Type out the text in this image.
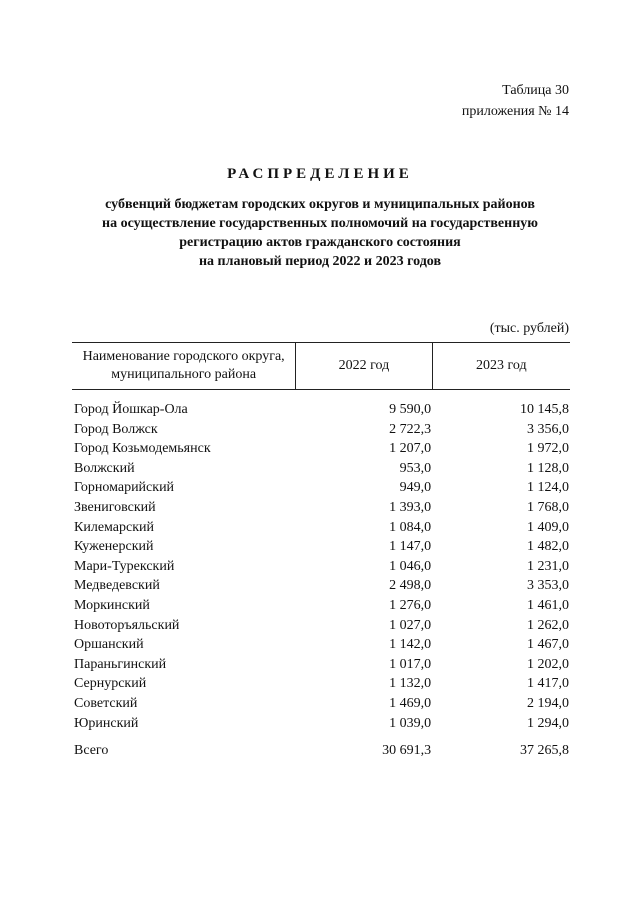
Таблица 30
приложения № 14
РАСПРЕДЕЛЕНИЕ
субвенций бюджетам городских округов и муниципальных районов
на осуществление государственных полномочий на государственную
регистрацию актов гражданского состояния
на плановый период 2022 и 2023 годов
(тыс. рублей)
Наименование городского округа,
муниципального района	2022 год	2023 год

Город Йошкар-Ола	9 590,0	10 145,8
Город Волжск	2 722,3	3 356,0
Город Козьмодемьянск	1 207,0	1 972,0
Волжский	953,0	1 128,0
Горномарийский	949,0	1 124,0
Звениговский	1 393,0	1 768,0
Килемарский	1 084,0	1 409,0
Куженерский	1 147,0	1 482,0
Мари-Турекский	1 046,0	1 231,0
Медведевский	2 498,0	3 353,0
Моркинский	1 276,0	1 461,0
Новоторъяльский	1 027,0	1 262,0
Оршанский	1 142,0	1 467,0
Параньгинский	1 017,0	1 202,0
Сернурский	1 132,0	1 417,0
Советский	1 469,0	2 194,0
Юринский	1 039,0	1 294,0
Всего	30 691,3	37 265,8
